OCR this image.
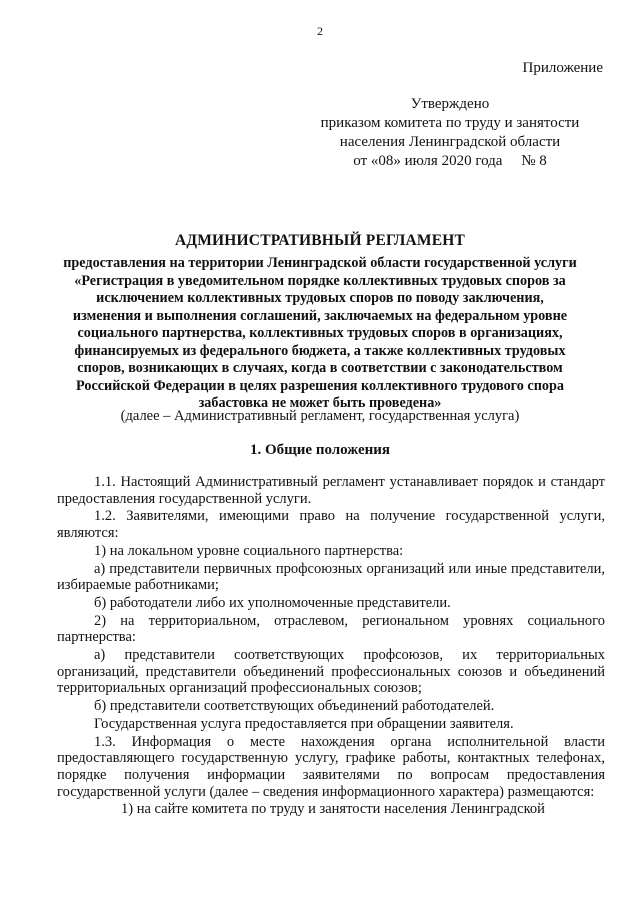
2
Приложение
Утверждено
приказом комитета по труду и занятости
населения Ленинградской области
от «08» июля 2020 года     № 8
АДМИНИСТРАТИВНЫЙ РЕГЛАМЕНТ
предоставления на территории Ленинградской области государственной услуги
«Регистрация в уведомительном порядке коллективных трудовых споров за
исключением коллективных трудовых споров по поводу заключения,
изменения и выполнения соглашений, заключаемых на федеральном уровне
социального партнерства, коллективных трудовых споров в организациях,
финансируемых из федерального бюджета, а также коллективных трудовых
споров, возникающих в случаях, когда в соответствии с законодательством
Российской Федерации в целях разрешения коллективного трудового спора
забастовка не может быть проведена»
(далее – Административный регламент, государственная услуга)
1. Общие положения

1.1. Настоящий Административный регламент устанавливает порядок и стандарт предоставления государственной услуги.

1.2. Заявителями, имеющими право на получение государственной услуги, являются:

1) на локальном уровне социального партнерства:

а) представители первичных профсоюзных организаций или иные представители, избираемые работниками;

б) работодатели либо их уполномоченные представители.

2) на территориальном, отраслевом, региональном уровнях социального партнерства:

а) представители соответствующих профсоюзов, их территориальных организаций, представители объединений профессиональных союзов и объединений территориальных организаций профессиональных союзов;

б) представители соответствующих объединений работодателей.

Государственная услуга предоставляется при обращении заявителя.

1.3. Информация о месте нахождения органа исполнительной власти предоставляющего государственную услугу, графике работы, контактных телефонах, порядке получения информации заявителями по вопросам предоставления государственной услуги (далее – сведения информационного характера) размещаются:

1) на сайте комитета по труду и занятости населения Ленинградской
